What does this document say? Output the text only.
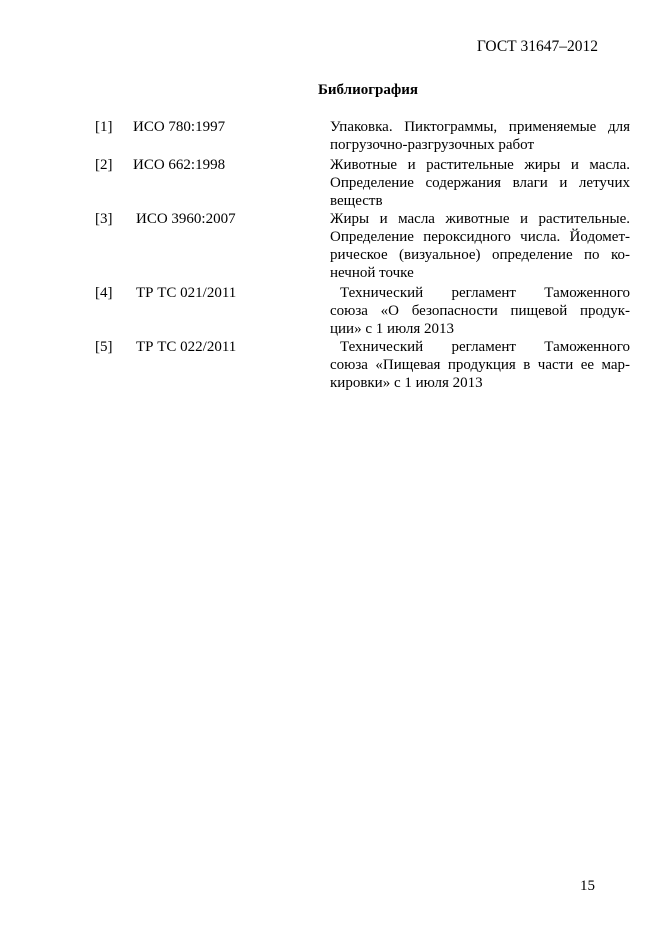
ГОСТ 31647–2012
Библиография
[1] ИСО 780:1997	Упаковка. Пиктограммы, применяемые для
погрузочно-разгрузочных работ
[2] ИСО 662:1998	Животные и растительные жиры и масла.
Определение содержания влаги и летучих
веществ
[3] ИСО 3960:2007	Жиры и масла животные и растительные.
Определение пероксидного числа. Йодомет-
рическое (визуальное) определение по ко-
нечной точке
[4] ТР ТС 021/2011	Технический регламент Таможенного
союза «О безопасности пищевой продук-
ции» с 1 июля 2013
[5] ТР ТС 022/2011	Технический регламент Таможенного
союза «Пищевая продукция в части ее мар-
кировки» с 1 июля 2013
15
